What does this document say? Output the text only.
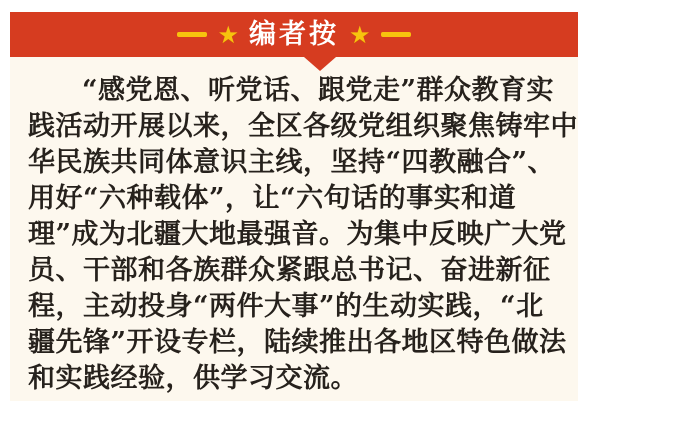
★ 编者按 ★
“感党恩、听党话、跟党走”群众教育实
践活动开展以来，全区各级党组织聚焦铸牢中
华民族共同体意识主线，坚持“四教融合”、
用好“六种载体”，让“六句话的事实和道
理”成为北疆大地最强音。为集中反映广大党
员、干部和各族群众紧跟总书记、奋进新征
程，主动投身“两件大事”的生动实践，“北
疆先锋”开设专栏，陆续推出各地区特色做法
和实践经验，供学习交流。
